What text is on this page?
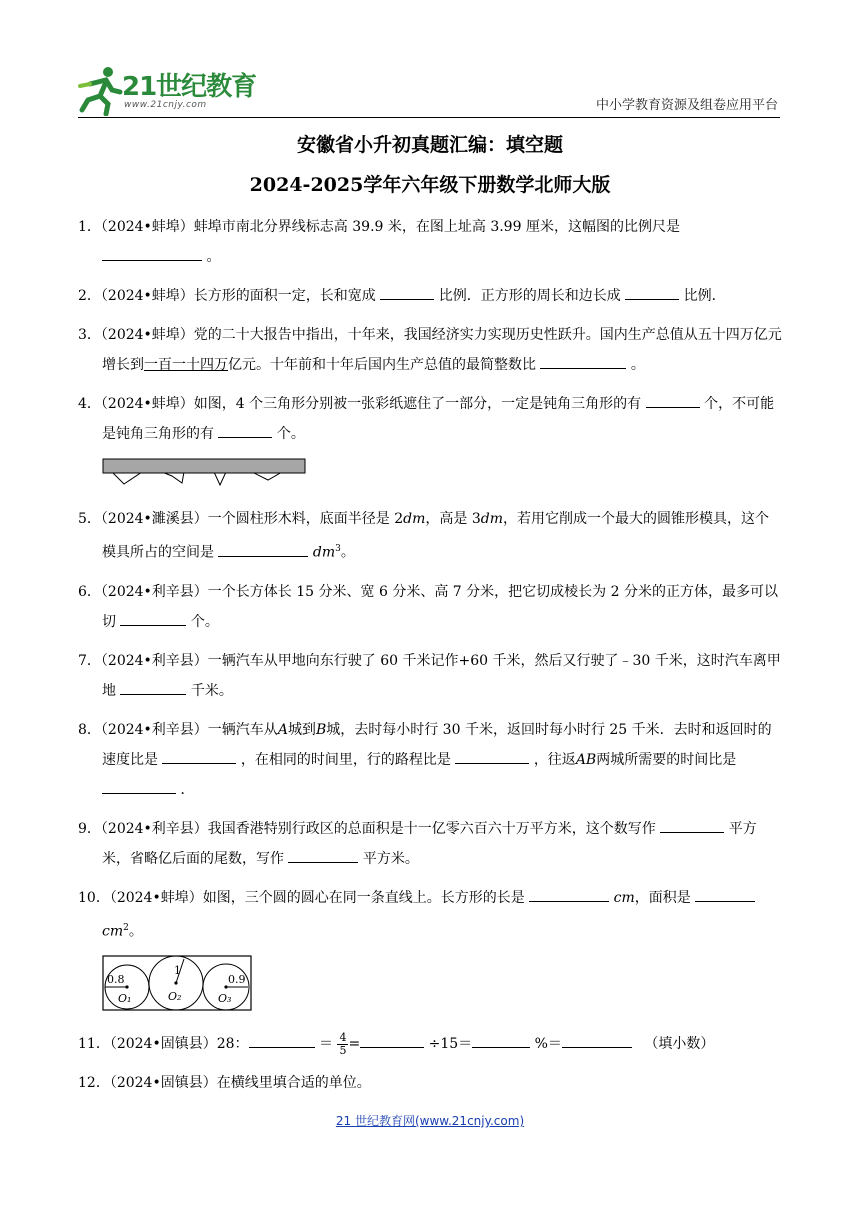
21世纪教育
www.21cnjy.com	中小学教育资源及组卷应用平台
安徽省小升初真题汇编：填空题
2024-2025学年六年级下册数学北师大版
1．（2024•蚌埠）蚌埠市南北分界线标志高 39.9 米，在图上址高 3.99 厘米，这幅图的比例尺是  。
2．（2024•蚌埠）长方形的面积一定，长和宽成	比例．正方形的周长和边长成	比例．
3．（2024•蚌埠）党的二十大报告中指出，十年来，我国经济实力实现历史性跃升。国内生产总值从五十四万亿元增长到一百一十四万亿元。十年前和十年后国内生产总值的最简整数比	。
4．（2024•蚌埠）如图，4 个三角形分别被一张彩纸遮住了一部分，一定是钝角三角形的有	个，不可能是钝角三角形的有	个。
5．（2024•濉溪县）一个圆柱形木料，底面半径是 2dm，高是 3dm，若用它削成一个最大的圆锥形模具，这个模具所占的空间是	$dm^3$。
6．（2024•利辛县）一个长方体长 15 分米、宽 6 分米、高 7 分米，把它切成棱长为 2 分米的正方体，最多可以切	个。
7．（2024•利辛县）一辆汽车从甲地向东行驶了 60 千米记作+60 千米，然后又行驶了﹣30 千米，这时汽车离甲地	千米。
8．（2024•利辛县）一辆汽车从A城到B城，去时每小时行 30 千米，返回时每小时行 25 千米．去时和返回时的速度比是	，在相同的时间里，行的路程比是	，往返AB两城所需要的时间比是  ．
9．（2024•利辛县）我国香港特别行政区的总面积是十一亿零六百六十万平方米，这个数写作	平方米，省略亿后面的尾数，写作	平方米。
10．（2024•蚌埠）如图，三个圆的圆心在同一条直线上。长方形的长是	cm，面积是  $cm^2$。
0.8
1
0.9
O₁	O₂	O₃
11．（2024•固镇县）28：	＝ $\frac{4}{5}$ =	÷15＝	%＝	（填小数）
12．（2024•固镇县）在横线里填合适的单位。
21 世纪教育网(www.21cnjy.com)
